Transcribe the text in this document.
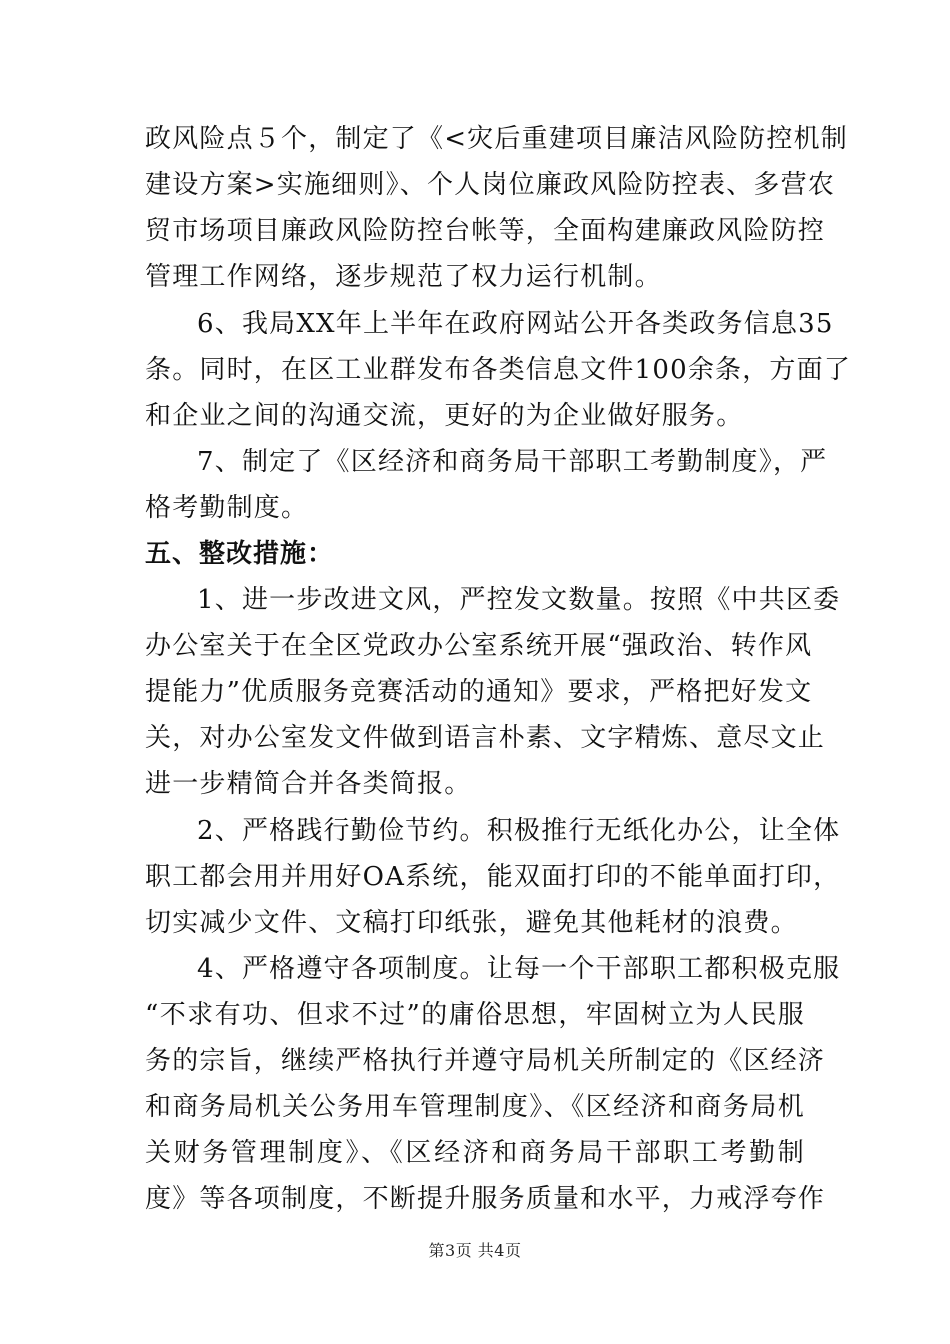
政风险点５个，制定了《<灾后重建项目廉洁风险防控机制
建设方案>实施细则》、个人岗位廉政风险防控表、多营农
贸市场项目廉政风险防控台帐等，全面构建廉政风险防控
管理工作网络，逐步规范了权力运行机制。
6、我局XX年上半年在政府网站公开各类政务信息35
条。同时，在区工业群发布各类信息文件100余条，方面了
和企业之间的沟通交流，更好的为企业做好服务。
7、制定了《区经济和商务局干部职工考勤制度》，严
格考勤制度。
五、整改措施：
1、进一步改进文风，严控发文数量。按照《中共区委
办公室关于在全区党政办公室系统开展“强政治、转作风
提能力”优质服务竞赛活动的通知》要求，严格把好发文
关，对办公室发文件做到语言朴素、文字精炼、意尽文止
进一步精简合并各类简报。
2、严格践行勤俭节约。积极推行无纸化办公，让全体
职工都会用并用好OA系统，能双面打印的不能单面打印，
切实减少文件、文稿打印纸张，避免其他耗材的浪费。
4、严格遵守各项制度。让每一个干部职工都积极克服
“不求有功、但求不过”的庸俗思想，牢固树立为人民服
务的宗旨，继续严格执行并遵守局机关所制定的《区经济
和商务局机关公务用车管理制度》、《区经济和商务局机
关财务管理制度》、《区经济和商务局干部职工考勤制
度》等各项制度，不断提升服务质量和水平，力戒浮夸作
第3页 共4页
